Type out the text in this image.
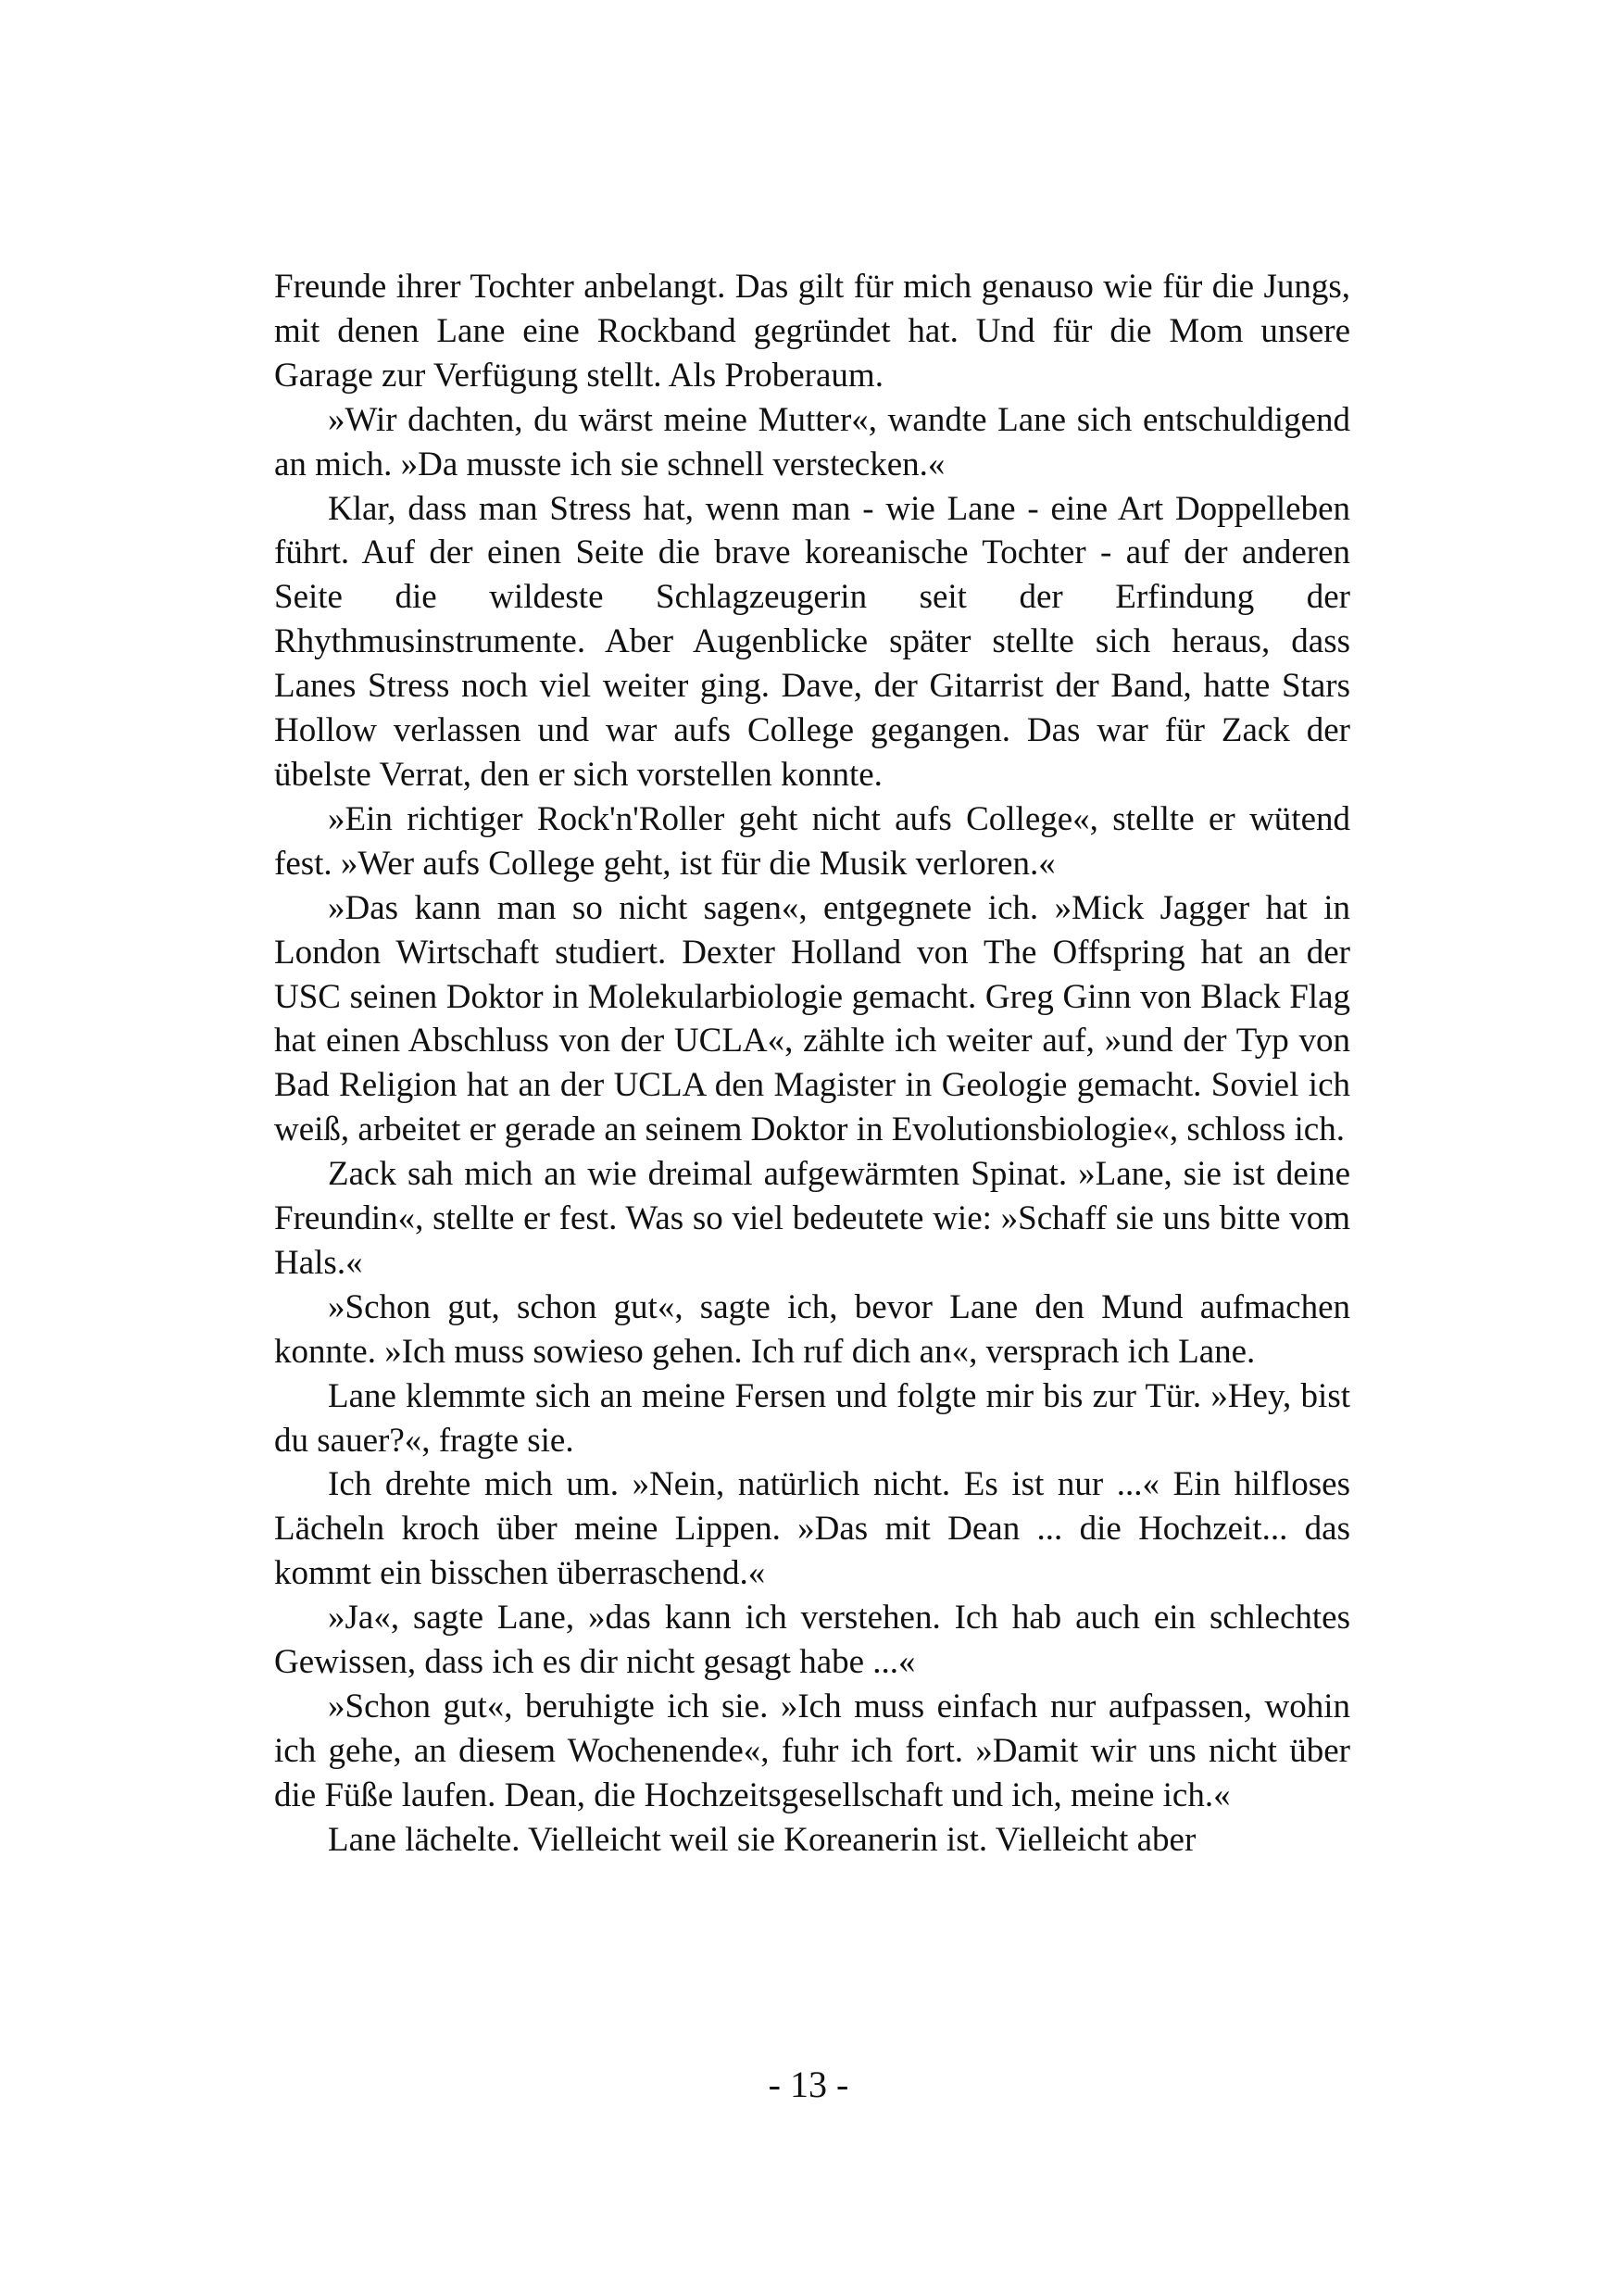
Freunde ihrer Tochter anbelangt. Das gilt für mich genauso wie für die Jungs, mit denen Lane eine Rockband gegründet hat. Und für die Mom unsere Garage zur Verfügung stellt. Als Proberaum.

»Wir dachten, du wärst meine Mutter«, wandte Lane sich entschuldigend an mich. »Da musste ich sie schnell verstecken.«

Klar, dass man Stress hat, wenn man - wie Lane - eine Art Doppelleben führt. Auf der einen Seite die brave koreanische Tochter - auf der anderen Seite die wildeste Schlagzeugerin seit der Erfindung der Rhythmusinstrumente. Aber Augenblicke später stellte sich heraus, dass Lanes Stress noch viel weiter ging. Dave, der Gitarrist der Band, hatte Stars Hollow verlassen und war aufs College gegangen. Das war für Zack der übelste Verrat, den er sich vorstellen konnte.

»Ein richtiger Rock'n'Roller geht nicht aufs College«, stellte er wütend fest. »Wer aufs College geht, ist für die Musik verloren.«

»Das kann man so nicht sagen«, entgegnete ich. »Mick Jagger hat in London Wirtschaft studiert. Dexter Holland von The Offspring hat an der USC seinen Doktor in Molekularbiologie gemacht. Greg Ginn von Black Flag hat einen Abschluss von der UCLA«, zählte ich weiter auf, »und der Typ von Bad Religion hat an der UCLA den Magister in Geologie gemacht. Soviel ich weiß, arbeitet er gerade an seinem Doktor in Evolutionsbiologie«, schloss ich.

Zack sah mich an wie dreimal aufgewärmten Spinat. »Lane, sie ist deine Freundin«, stellte er fest. Was so viel bedeutete wie: »Schaff sie uns bitte vom Hals.«

»Schon gut, schon gut«, sagte ich, bevor Lane den Mund aufmachen konnte. »Ich muss sowieso gehen. Ich ruf dich an«, versprach ich Lane.

Lane klemmte sich an meine Fersen und folgte mir bis zur Tür. »Hey, bist du sauer?«, fragte sie.

Ich drehte mich um. »Nein, natürlich nicht. Es ist nur ...« Ein hilfloses Lächeln kroch über meine Lippen. »Das mit Dean ... die Hochzeit... das kommt ein bisschen überraschend.«

»Ja«, sagte Lane, »das kann ich verstehen. Ich hab auch ein schlechtes Gewissen, dass ich es dir nicht gesagt habe ...«

»Schon gut«, beruhigte ich sie. »Ich muss einfach nur aufpassen, wohin ich gehe, an diesem Wochenende«, fuhr ich fort. »Damit wir uns nicht über die Füße laufen. Dean, die Hochzeitsgesellschaft und ich, meine ich.«

Lane lächelte. Vielleicht weil sie Koreanerin ist. Vielleicht aber

- 13 -
